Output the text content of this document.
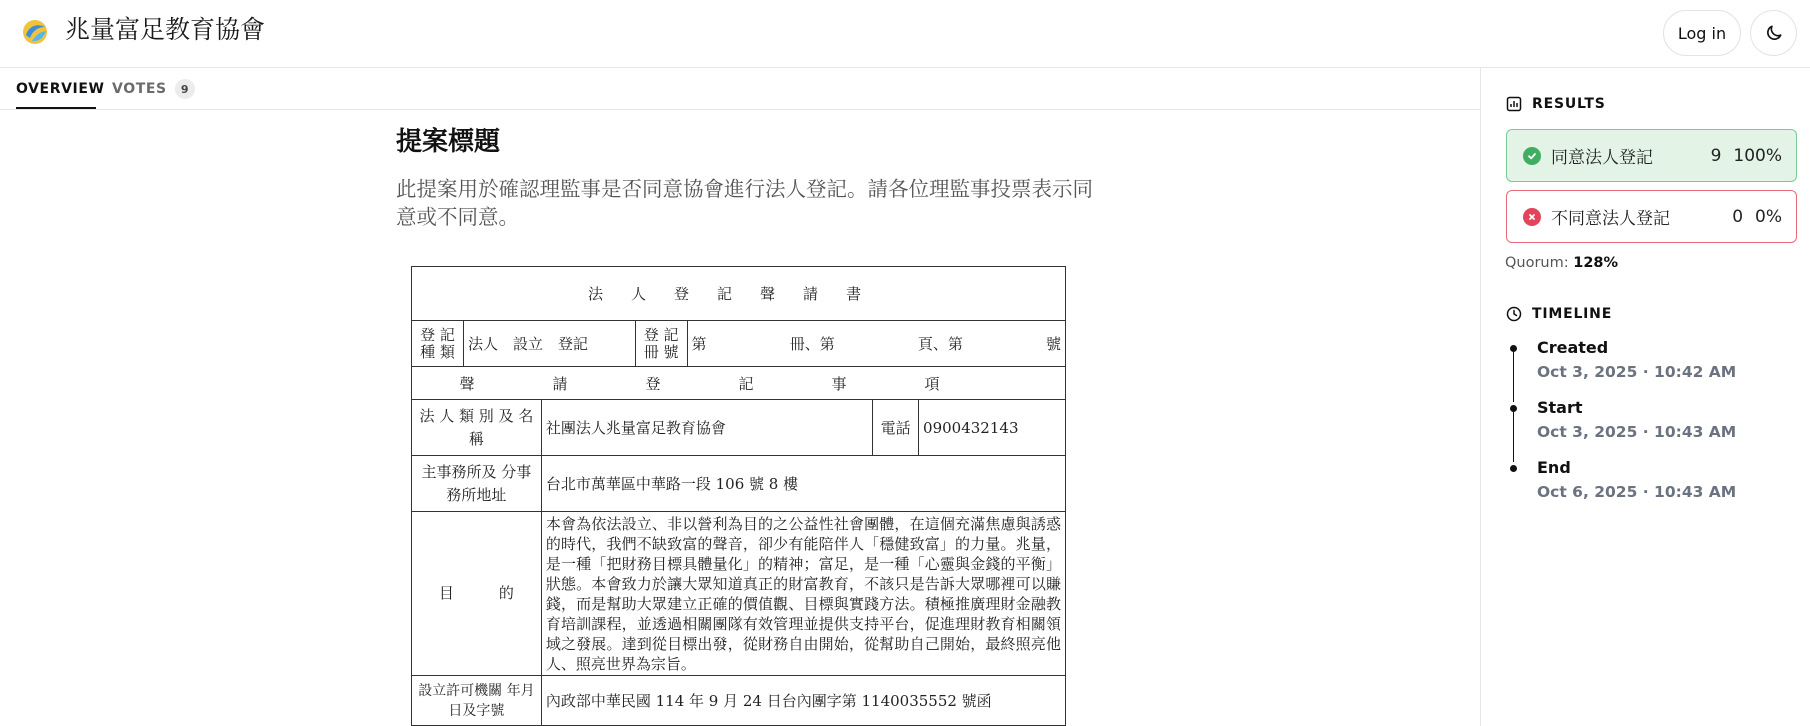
兆量富足教育協會	Log in
OVERVIEW VOTES	9
提案標題
此提案用於確認理監事是否同意協會進行法人登記。請各位理監事投票表示同意或不同意。
法人登記聲請書						
登 記 種 類	法人　設立　登記		登 記 冊 號	第 冊、第 頁、第 號		

聲請登記事項						
法 人 類 別 及 名 稱		社團法人兆量富足教育協會			電話	0900432143
主事務所及 分事務所地址		台北市萬華區中華路一段 106 號 8 樓				
目　　　的		本會為依法設立、非以營利為目的之公益性社會團體，在這個充滿焦慮與誘惑的時代，我們不缺致富的聲音，卻少有能陪伴人「穩健致富」的力量。兆量，是一種「把財務目標具體量化」的精神；富足，是一種「心靈與金錢的平衡」狀態。本會致力於讓大眾知道真正的財富教育，不該只是告訴大眾哪裡可以賺錢，而是幫助大眾建立正確的價值觀、目標與實踐方法。積極推廣理財金融教育培訓課程，並透過相關團隊有效管理並提供支持平台，促進理財教育相關領域之發展。達到從目標出發，從財務自由開始，從幫助自己開始，最終照亮他人、照亮世界為宗旨。				
設立許可機關 年月日及字號		內政部中華民國 114 年 9 月 24 日台內團字第 1140035552 號函				
RESULTS
同意法人登記	9 100%
不同意法人登記	0 0%
Quorum: 128%
TIMELINE
Created
Oct 3, 2025 · 10:42 AM
Start
Oct 3, 2025 · 10:43 AM
End
Oct 6, 2025 · 10:43 AM
